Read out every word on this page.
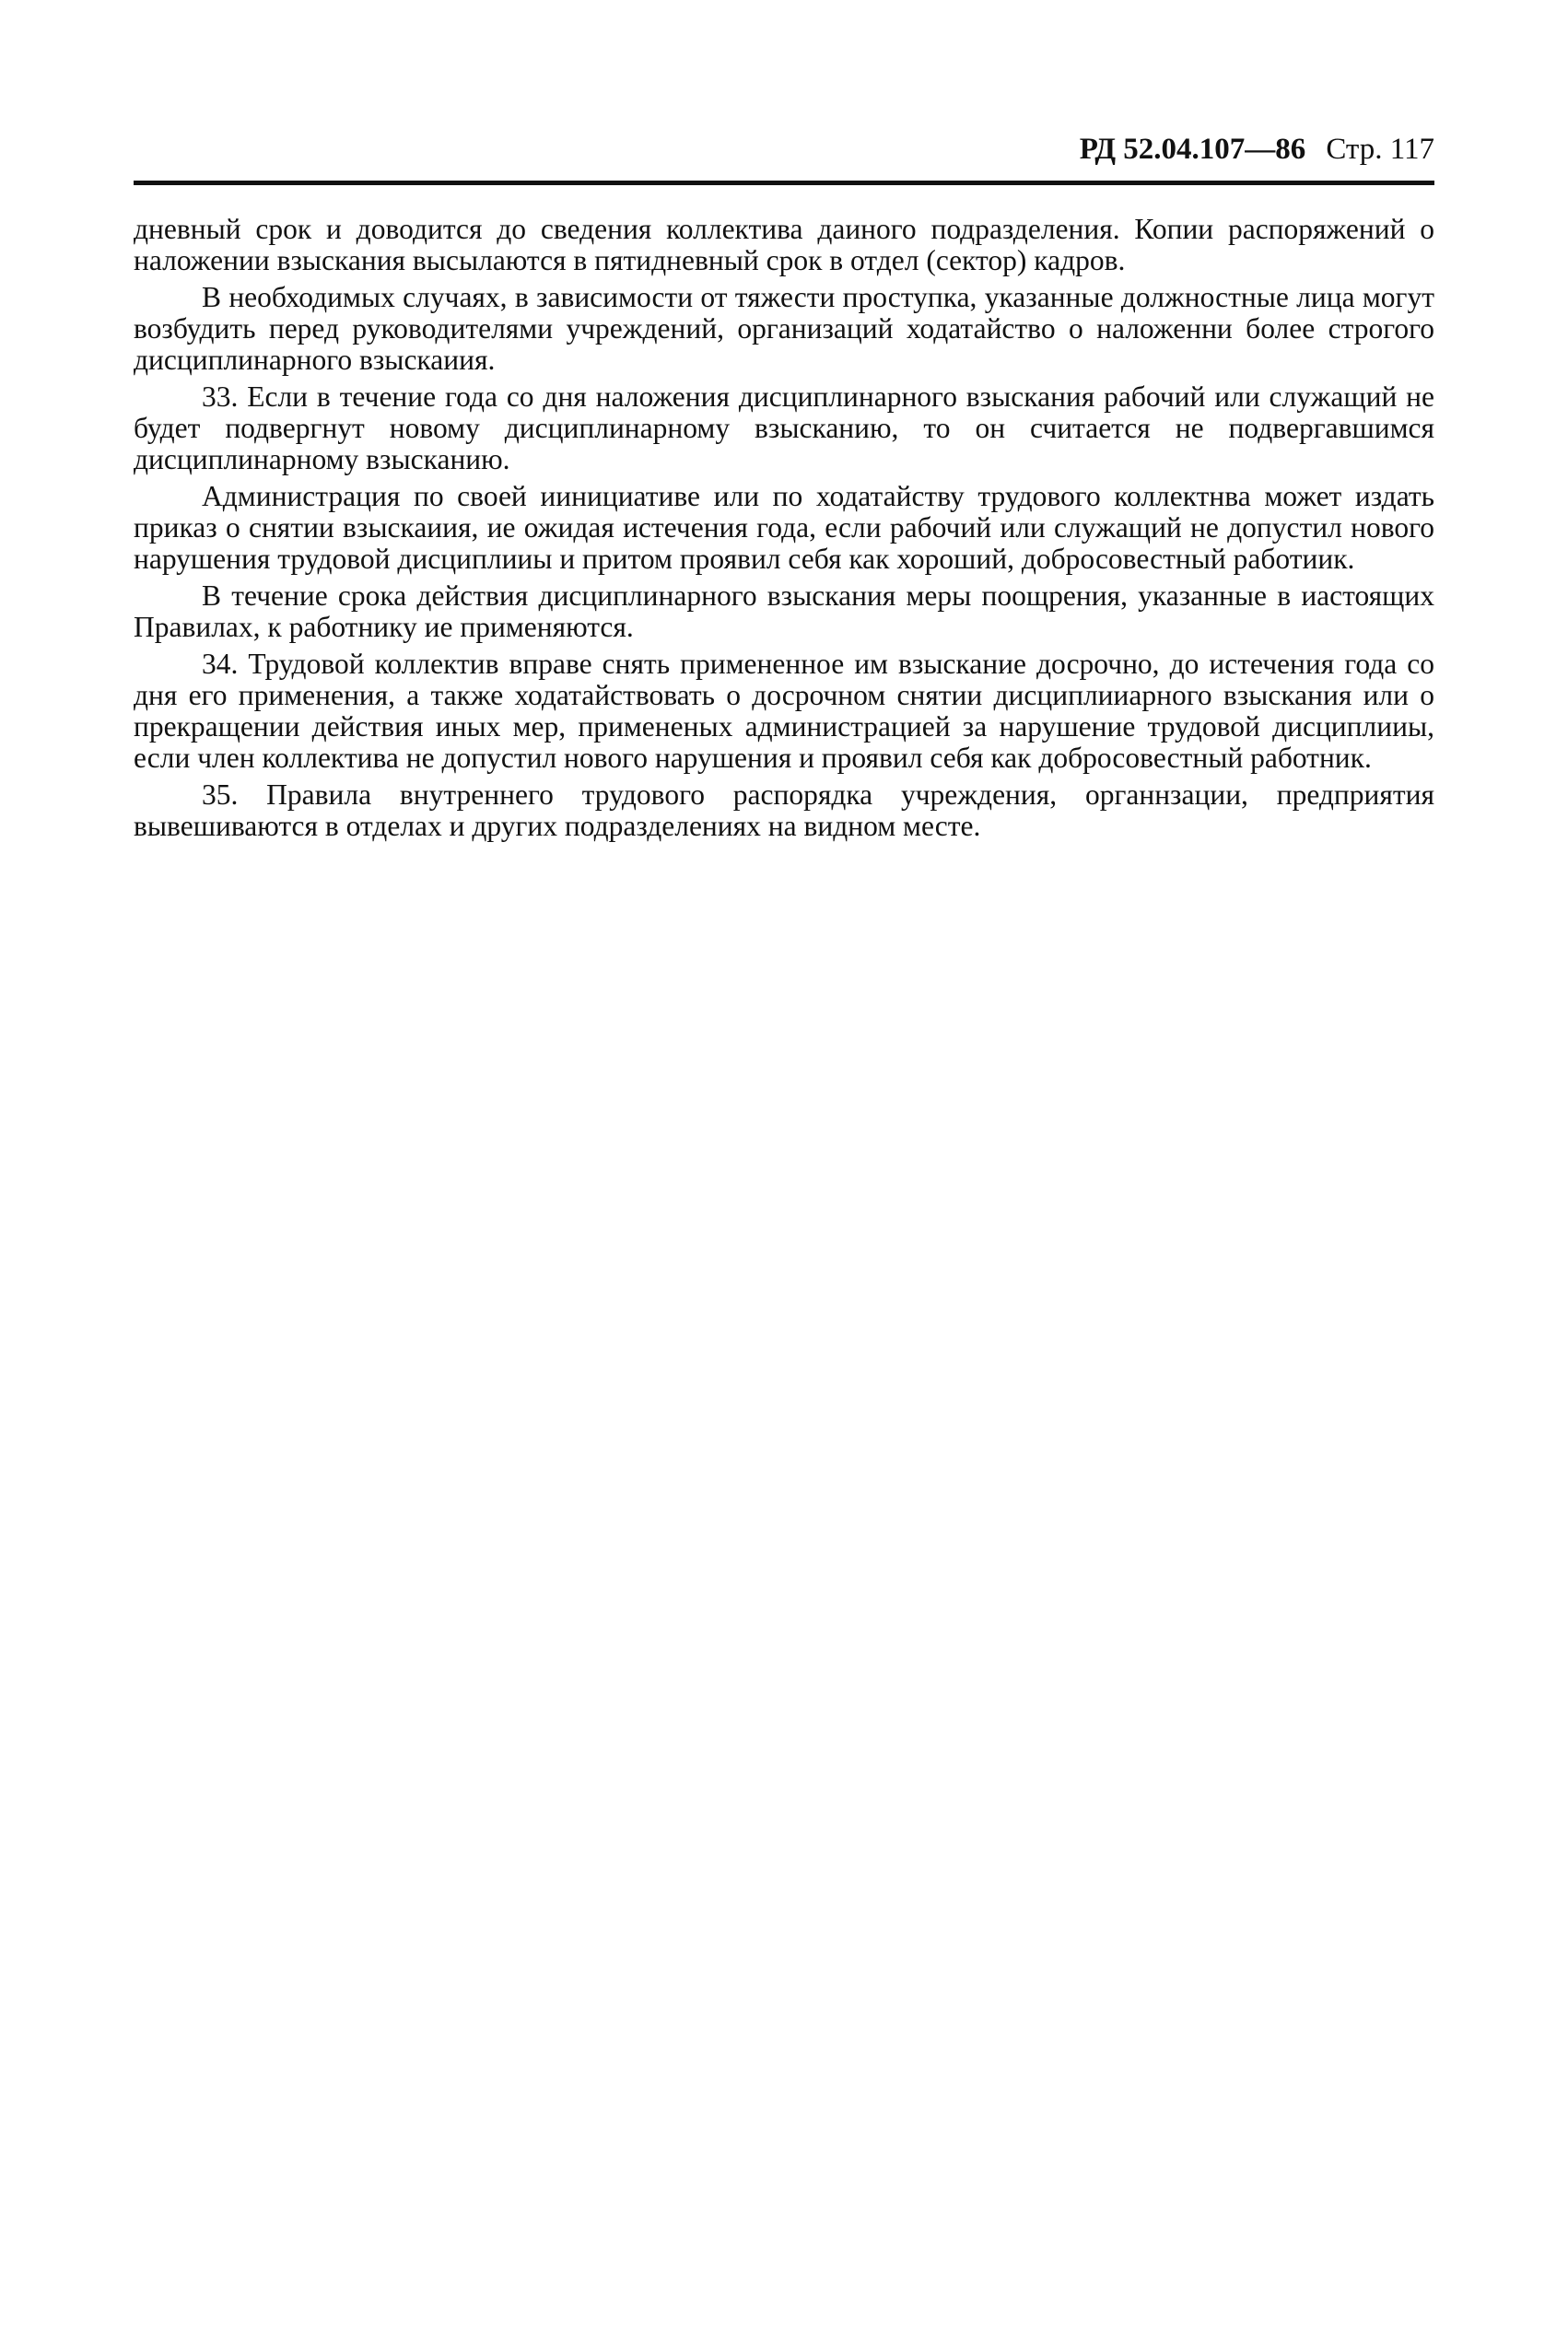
РД 52.04.107—86 Стр. 117

дневный срок и доводится до сведения коллектива даиного подразделения. Копии распоряжений о наложении взыскания высылаются в пятидневный срок в отдел (сектор) кадров.

В необходимых случаях, в зависимости от тяжести проступка, указанные должностные лица могут возбудить перед руководителями учреждений, организаций ходатайство о наложенни более строгого дисциплинарного взыскаиия.

33. Если в течение года со дня наложения дисциплинарного взыскания рабочий или служащий не будет подвергнут новому дисциплинарному взысканию, то он считается не подвергавшимся дисциплинарному взысканию.

Администрация по своей иинициативе или по ходатайству трудового коллектнва может издать приказ о снятии взыскаиия, ие ожидая истечения года, если рабочий или служащий не допустил нового нарушения трудовой дисциплииы и притом проявил себя как хороший, добросовестный работиик.

В течение срока действия дисциплинарного взыскания меры поощрения, указанные в иастоящих Правилах, к работнику ие применяются.

34. Трудовой коллектив вправе снять примененное им взыскание досрочно, до истечения года со дня его применения, а также ходатайствовать о досрочном снятии дисциплииарного взыскания или о прекращении действия иных мер, примененых администрацией за нарушение трудовой дисциплииы, если член коллектива не допустил нового нарушения и проявил себя как добросовестный работник.

35. Правила внутреннего трудового распорядка учреждения, органнзации, предприятия вывешиваются в отделах и других подразделениях на видном месте.
